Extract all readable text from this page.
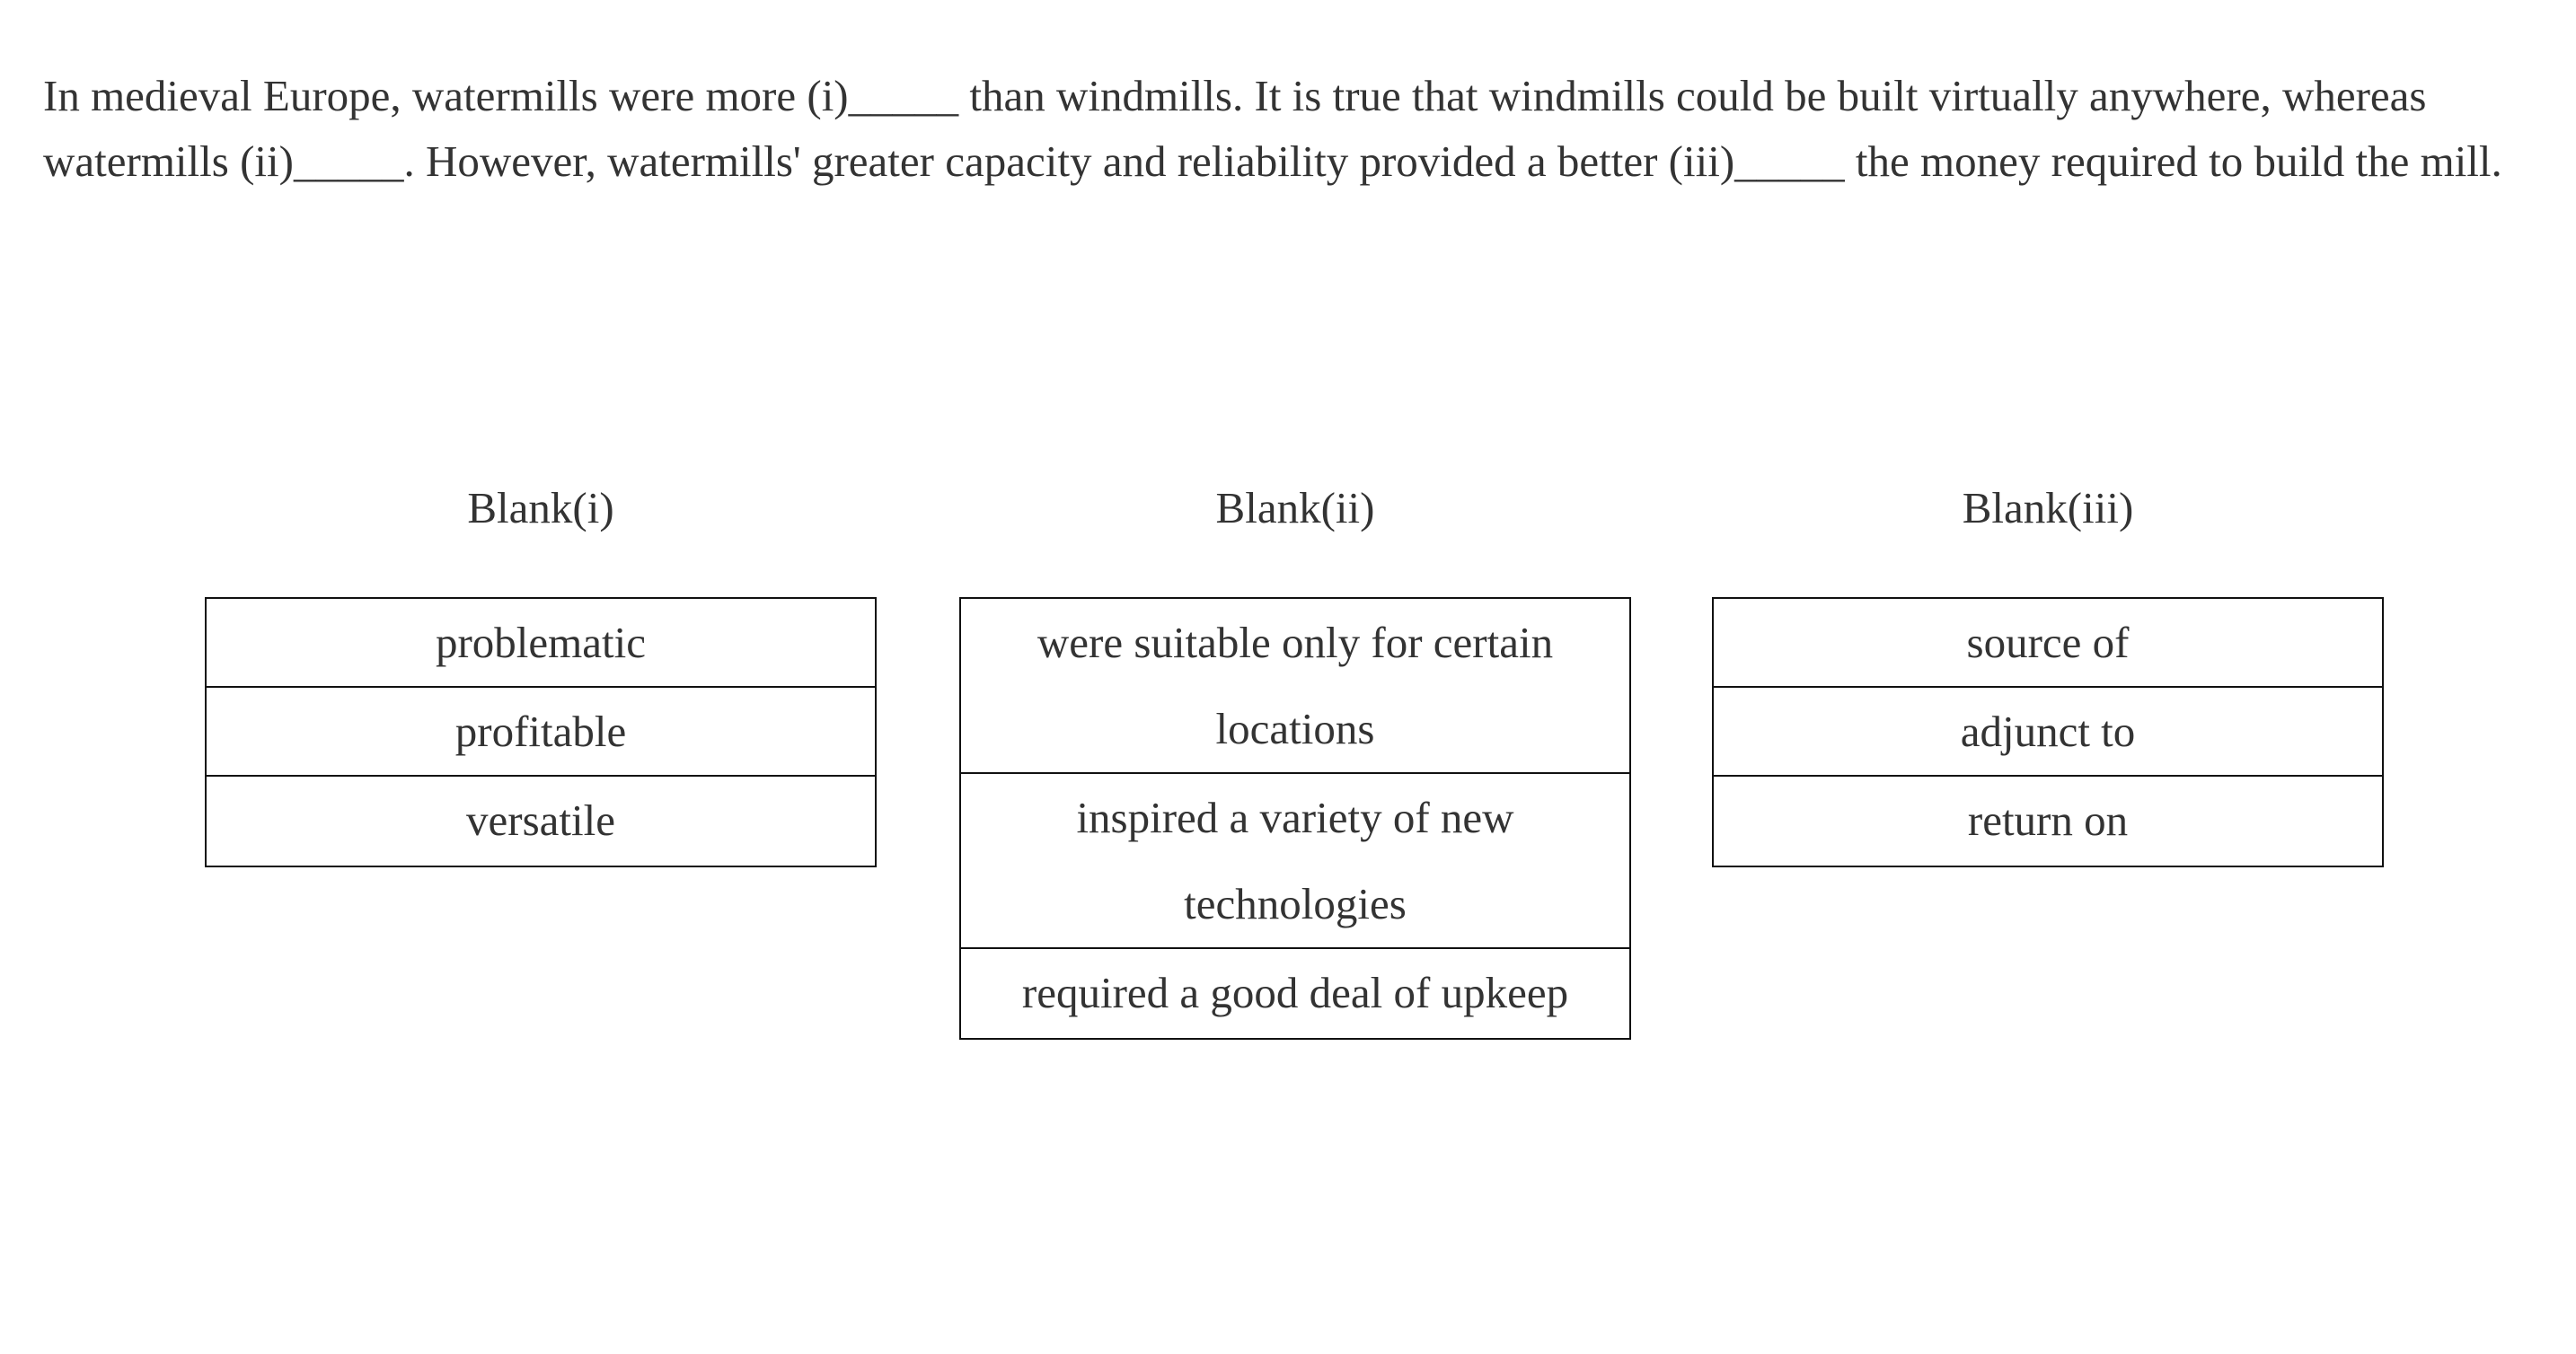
In medieval Europe, watermills were more (i)_____ than windmills. It is true that windmills could be built virtually anywhere, whereas watermills (ii)_____. However, watermills' greater capacity and reliability provided a better (iii)_____ the money required to build the mill.
Blank(i)
problematic
profitable
versatile
Blank(ii)
were suitable only for certain locations
inspired a variety of new technologies
required a good deal of upkeep
Blank(iii)
source of
adjunct to
return on
